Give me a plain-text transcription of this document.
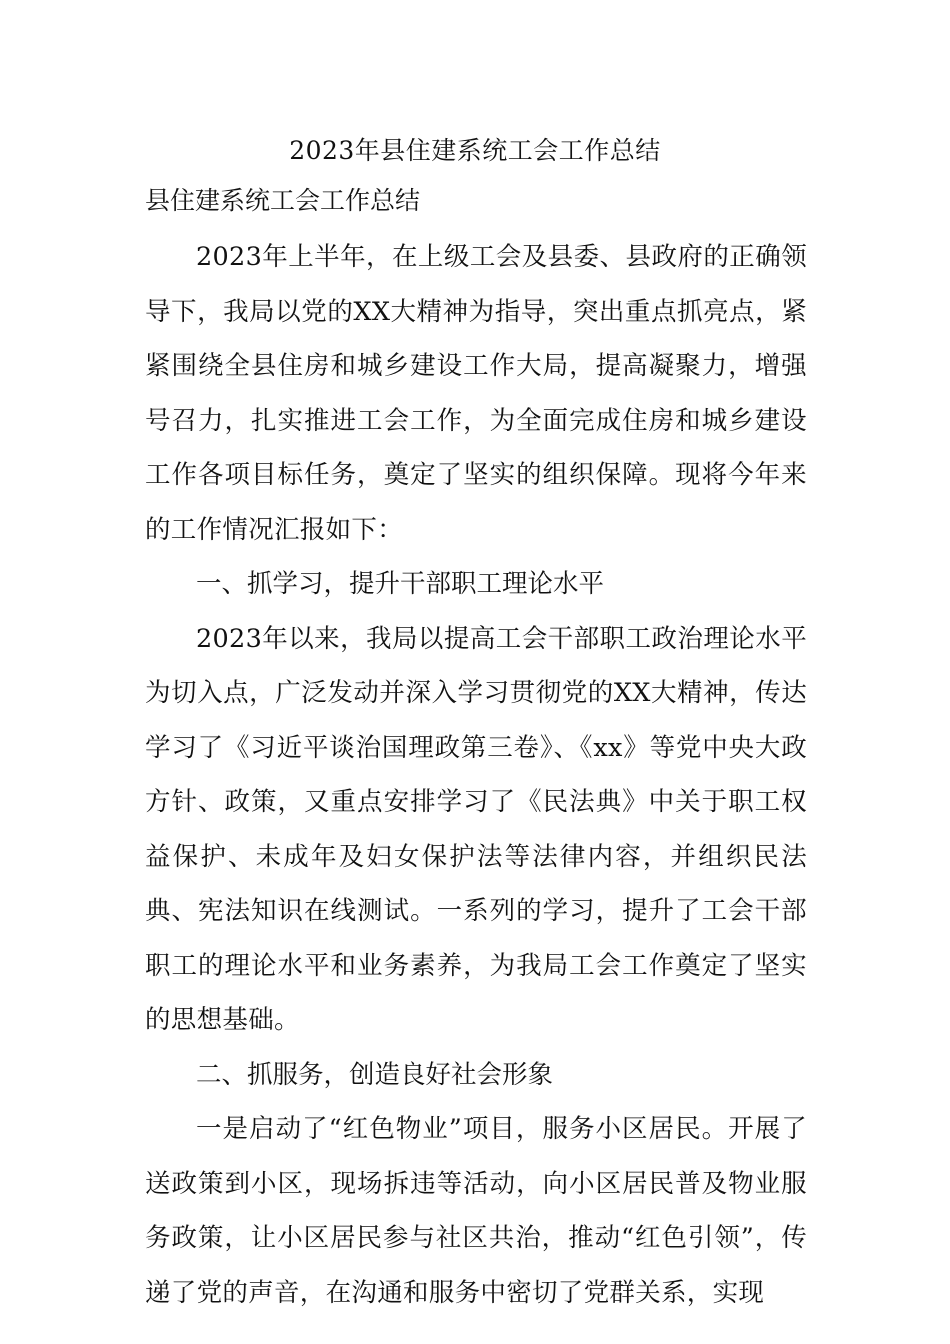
2023年县住建系统工会工作总结
县住建系统工会工作总结

2023年上半年，在上级工会及县委、县政府的正确领导下，我局以党的XX大精神为指导，突出重点抓亮点，紧紧围绕全县住房和城乡建设工作大局，提高凝聚力，增强号召力，扎实推进工会工作，为全面完成住房和城乡建设工作各项目标任务，奠定了坚实的组织保障。现将今年来的工作情况汇报如下：

一、抓学习，提升干部职工理论水平

2023年以来，我局以提高工会干部职工政治理论水平为切入点，广泛发动并深入学习贯彻党的XX大精神，传达学习了《习近平谈治国理政第三卷》、《xx》等党中央大政方针、政策，又重点安排学习了《民法典》中关于职工权益保护、未成年及妇女保护法等法律内容，并组织民法典、宪法知识在线测试。一系列的学习，提升了工会干部职工的理论水平和业务素养，为我局工会工作奠定了坚实的思想基础。

二、抓服务，创造良好社会形象

一是启动了“红色物业”项目，服务小区居民。开展了送政策到小区，现场拆违等活动，向小区居民普及物业服务政策，让小区居民参与社区共治，推动“红色引领”，传递了党的声音，在沟通和服务中密切了党群关系，实现
